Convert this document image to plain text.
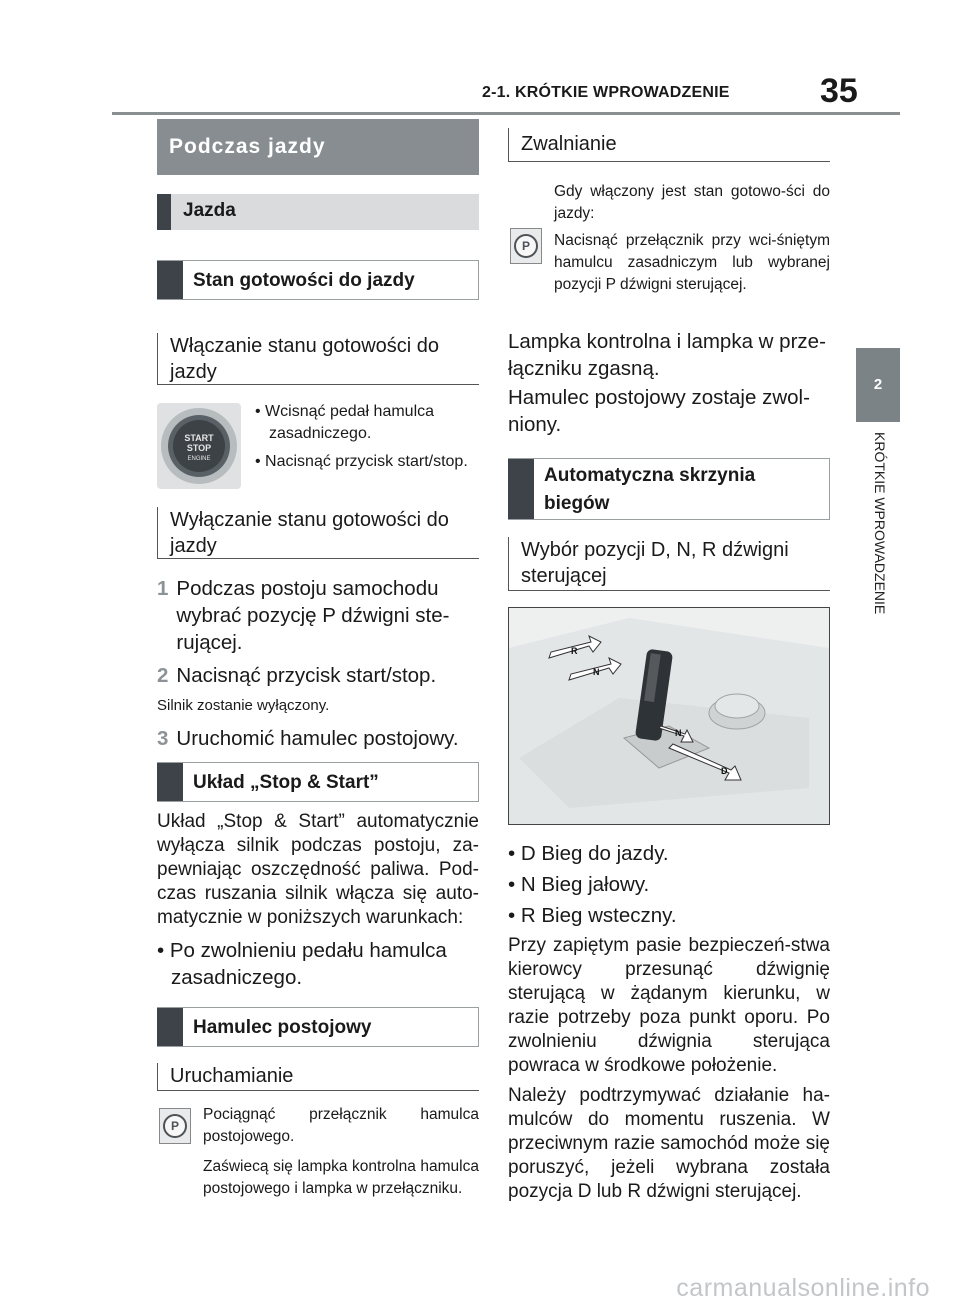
2-1. KRÓTKIE WPROWADZENIE	35
2
KRÓTKIE WPROWADZENIE
Podczas jazdy
Jazda
Stan gotowości do jazdy
Włączanie stanu gotowości do jazdy
START
STOP
ENGINE
• Wcisnąć pedał hamulca zasadniczego.
• Nacisnąć przycisk start/stop.
Wyłączanie stanu gotowości do jazdy
1 Podczas postoju samochodu wybrać pozycję P dźwigni ste-rującej.
2 Nacisnąć przycisk start/stop.
Silnik zostanie wyłączony.
3 Uruchomić hamulec postojowy.
Układ „Stop & Start”
Układ „Stop & Start” automatycznie wyłącza silnik podczas postoju, za-pewniając oszczędność paliwa. Pod-czas ruszania silnik włącza się auto-matycznie w poniższych warunkach:
• Po zwolnieniu pedału hamulca zasadniczego.
Hamulec postojowy
Uruchamianie
P
Pociągnąć przełącznik hamulca postojowego.
Zaświecą się lampka kontrolna hamulca postojowego i lampka w przełączniku.
Zwalnianie
Gdy włączony jest stan gotowo-ści do jazdy:
P	Nacisnąć przełącznik przy wci-śniętym hamulcu zasadniczym lub wybranej pozycji P dźwigni sterującej.
Lampka kontrolna i lampka w prze-łączniku zgasną.
Hamulec postojowy zostaje zwol-niony.
Automatyczna skrzynia biegów
Wybór pozycji D, N, R dźwigni sterującej
R
N
N
D
• D Bieg do jazdy.
• N Bieg jałowy.
• R Bieg wsteczny.
Przy zapiętym pasie bezpieczeń-stwa kierowcy przesunąć dźwignię sterującą w żądanym kierunku, w razie potrzeby poza punkt oporu. Po zwolnieniu dźwignia sterująca powraca w środkowe położenie.
Należy podtrzymywać działanie ha-mulców do momentu ruszenia. W przeciwnym razie samochód może się poruszyć, jeżeli wybrana została pozycja D lub R dźwigni sterującej.
carmanualsonline.info
